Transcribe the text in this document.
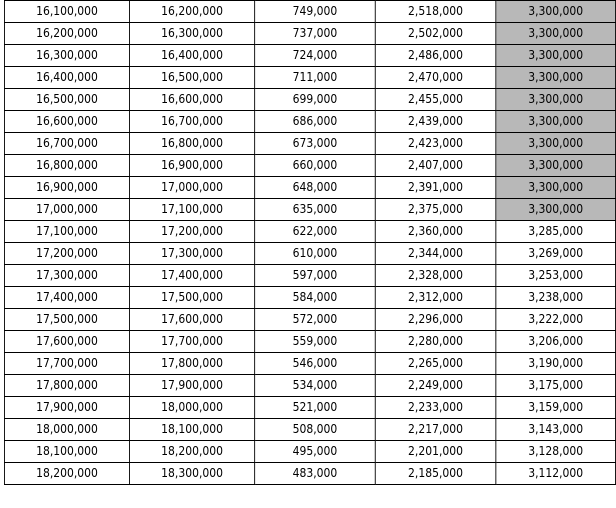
16,100,000	16,200,000	749,000	2,518,000	3,300,000
16,200,000	16,300,000	737,000	2,502,000	3,300,000
16,300,000	16,400,000	724,000	2,486,000	3,300,000
16,400,000	16,500,000	711,000	2,470,000	3,300,000
16,500,000	16,600,000	699,000	2,455,000	3,300,000
16,600,000	16,700,000	686,000	2,439,000	3,300,000
16,700,000	16,800,000	673,000	2,423,000	3,300,000
16,800,000	16,900,000	660,000	2,407,000	3,300,000
16,900,000	17,000,000	648,000	2,391,000	3,300,000
17,000,000	17,100,000	635,000	2,375,000	3,300,000
17,100,000	17,200,000	622,000	2,360,000	3,285,000
17,200,000	17,300,000	610,000	2,344,000	3,269,000
17,300,000	17,400,000	597,000	2,328,000	3,253,000
17,400,000	17,500,000	584,000	2,312,000	3,238,000
17,500,000	17,600,000	572,000	2,296,000	3,222,000
17,600,000	17,700,000	559,000	2,280,000	3,206,000
17,700,000	17,800,000	546,000	2,265,000	3,190,000
17,800,000	17,900,000	534,000	2,249,000	3,175,000
17,900,000	18,000,000	521,000	2,233,000	3,159,000
18,000,000	18,100,000	508,000	2,217,000	3,143,000
18,100,000	18,200,000	495,000	2,201,000	3,128,000
18,200,000	18,300,000	483,000	2,185,000	3,112,000
